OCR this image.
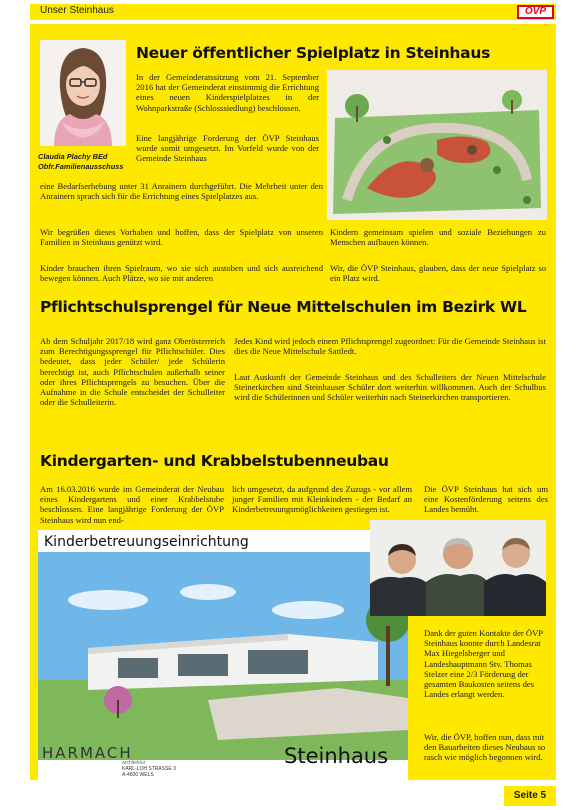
Unser Steinhaus	ÖVP
Claudia Plachy BEd
Obfr.Familienausschuss
Neuer öffentlicher Spielplatz in Steinhaus
In der Gemeinderatssitzung vom 21. September 2016 hat der Gemeinderat einstimmig die Errichtung eines neuen Kinderspielplatzes in der Wohnparkstraße (Schlosssiedlung) beschlossen.
Eine langjährige Forderung der ÖVP Steinhaus wurde somit umgesetzt. Im Vorfeld wurde von der Gemeinde Steinhaus
eine Bedarfserhebung unter 31 Anrainern durchgeführt. Die Mehrheit unter den Anrainern sprach sich für die Errichtung eines Spielplatzes aus.
Wir begrüßen dieses Vorhaben und hoffen, dass der Spielplatz von unseren Familien in Steinhaus genützt wird.
Kinder brauchen ihren Spielraum, wo sie sich austoben und sich ausreichend bewegen können. Auch Plätze, wo sie mit anderen
Kindern gemeinsam spielen und soziale Beziehungen zu Menschen aufbauen können.
Wir, die ÖVP Steinhaus, glauben, dass der neue Spielplatz so ein Platz wird.
Pflichtschulsprengel für Neue Mittelschulen im Bezirk WL
Ab dem Schuljahr 2017/18 wird ganz Oberösterreich zum Berechtigungssprengel für Pflichtschüler. Dies bedeutet, dass jeder Schüler/ jede Schülerin berechtigt ist, auch Pflichtschulen außerhalb seiner oder ihres Pflichtsprengels zu besuchen. Über die Aufnahme in die Schule entscheidet der Schulleiter oder die Schulleiterin.
Jedes Kind wird jedoch einem Pflichtsprengel zugeordnet: Für die Gemeinde Steinhaus ist dies die Neue Mittelschule Sattledt.
Laut Auskunft der Gemeinde Steinhaus und des Schulleiters der Neuen Mittelschule Steinerkirchen sind Steinhauser Schüler dort weiterhin willkommen. Auch der Schulbus wird die Schülerinnen und Schüler weiterhin nach Steinerkirchen transportieren.
Kindergarten- und Krabbelstubenneubau
Am 16.03.2016 wurde im Gemeinderat der Neubau eines Kindergartens und einer Krabbelstube beschlossen. Eine langjährige Forderung der ÖVP Steinhaus wird nun end-
lich umgesetzt, da aufgrund des Zuzugs - vor allem junger Familien mit Kleinkindern - der Bedarf an Kinderbetreuungsmöglichkeiten gestiegen ist.
Die ÖVP Steinhaus hat sich um eine Kostenförderung seitens des Landes bemüht.
Kinderbetreuungseinrichtung
HARMACH
architektur
KARL-LOH STRASSE 3
A-4600 WELS
Steinhaus
Dank der guten Kontakte der ÖVP Steinhaus konnte durch Landesrat Max Hiegelsberger und Landeshauptmann Stv. Thomas Stelzer eine 2/3 Förderung der gesamten Baukosten seitens des Landes erlangt werden.
Wir, die ÖVP, hoffen nun, dass mit den Bauarbeiten dieses Neubaus so rasch wie möglich begonnen wird.
Seite 5
